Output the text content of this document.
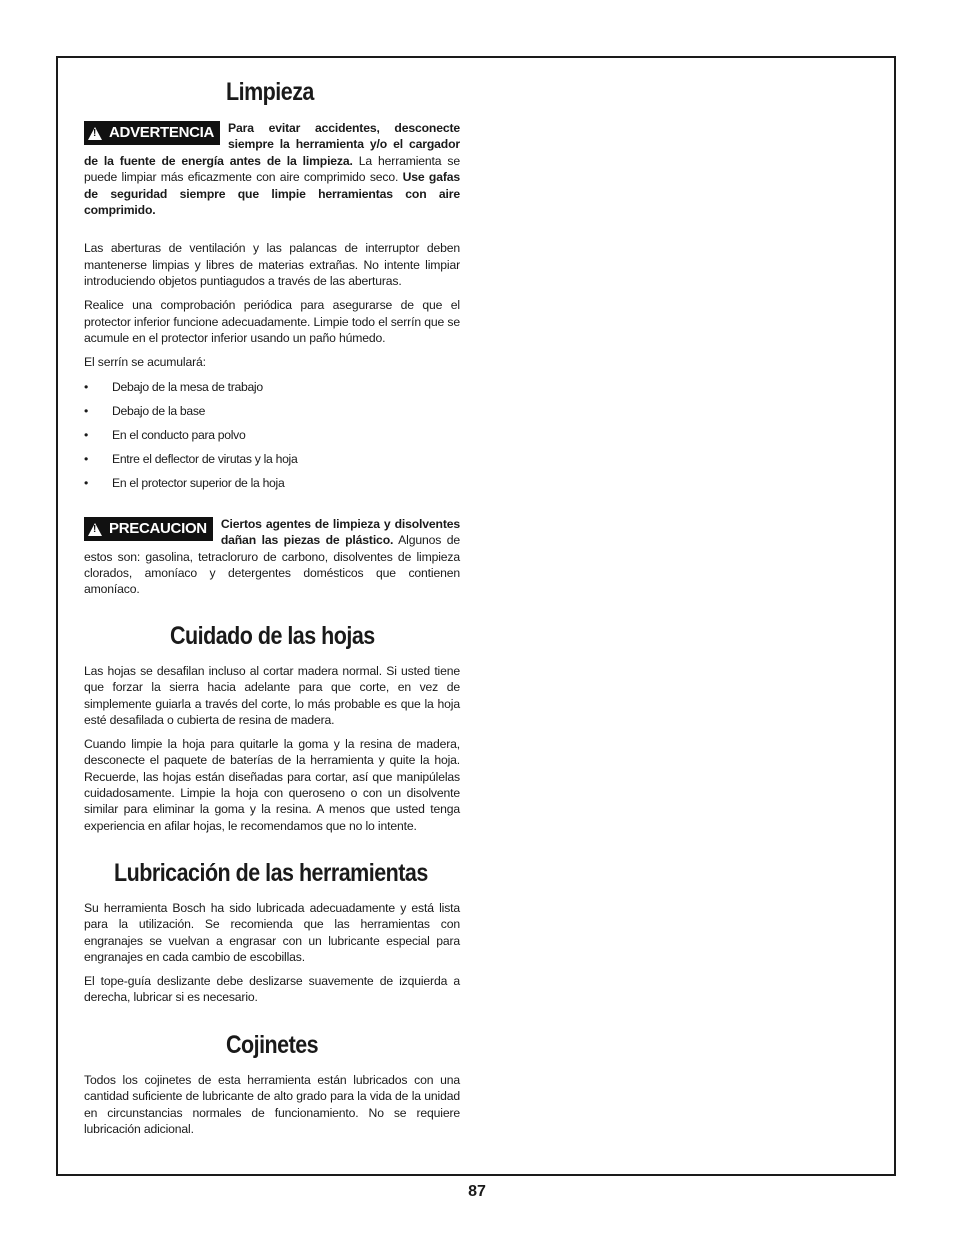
Limpieza

!
ADVERTENCIA Para evitar accidentes, desconecte siempre la herramienta y/o el cargador de la fuente de energía antes de la limpieza. La herramienta se puede limpiar más eficazmente con aire comprimido seco. Use gafas de seguridad siempre que limpie herramientas con aire comprimido.

Las aberturas de ventilación y las palancas de interruptor deben mantenerse limpias y libres de materias extrañas. No intente limpiar introduciendo objetos puntiagudos a través de las aberturas.

Realice una comprobación periódica para asegurarse de que el protector inferior funcione adecuadamente. Limpie todo el serrín que se acumule en el protector inferior usando un paño húmedo.

El serrín se acumulará:

• Debajo de la mesa de trabajo
• Debajo de la base
• En el conducto para polvo
• Entre el deflector de virutas y la hoja
• En el protector superior de la hoja

!
PRECAUCION Ciertos agentes de limpieza y disolventes dañan las piezas de plástico. Algunos de estos son: gasolina, tetracloruro de carbono, disolventes de limpieza clorados, amoníaco y detergentes domésticos que contienen amoníaco.

Cuidado de las hojas

Las hojas se desafilan incluso al cortar madera normal. Si usted tiene que forzar la sierra hacia adelante para que corte, en vez de simplemente guiarla a través del corte, lo más probable es que la hoja esté desafilada o cubierta de resina de madera.

Cuando limpie la hoja para quitarle la goma y la resina de madera, desconecte el paquete de baterías de la herramienta y quite la hoja. Recuerde, las hojas están diseñadas para cortar, así que manipúlelas cuidadosamente. Limpie la hoja con queroseno o con un disolvente similar para eliminar la goma y la resina. A menos que usted tenga experiencia en afilar hojas, le recomendamos que no lo intente.

Lubricación de las herramientas

Su herramienta Bosch ha sido lubricada adecuadamente y está lista para la utilización. Se recomienda que las herramientas con engranajes se vuelvan a engrasar con un lubricante especial para engranajes en cada cambio de escobillas.

El tope-guía deslizante debe deslizarse suavemente de izquierda a derecha, lubricar si es necesario.

Cojinetes

Todos los cojinetes de esta herramienta están lubricados con una cantidad suficiente de lubricante de alto grado para la vida de la unidad en circunstancias normales de funcionamiento. No se requiere lubricación adicional.

87
